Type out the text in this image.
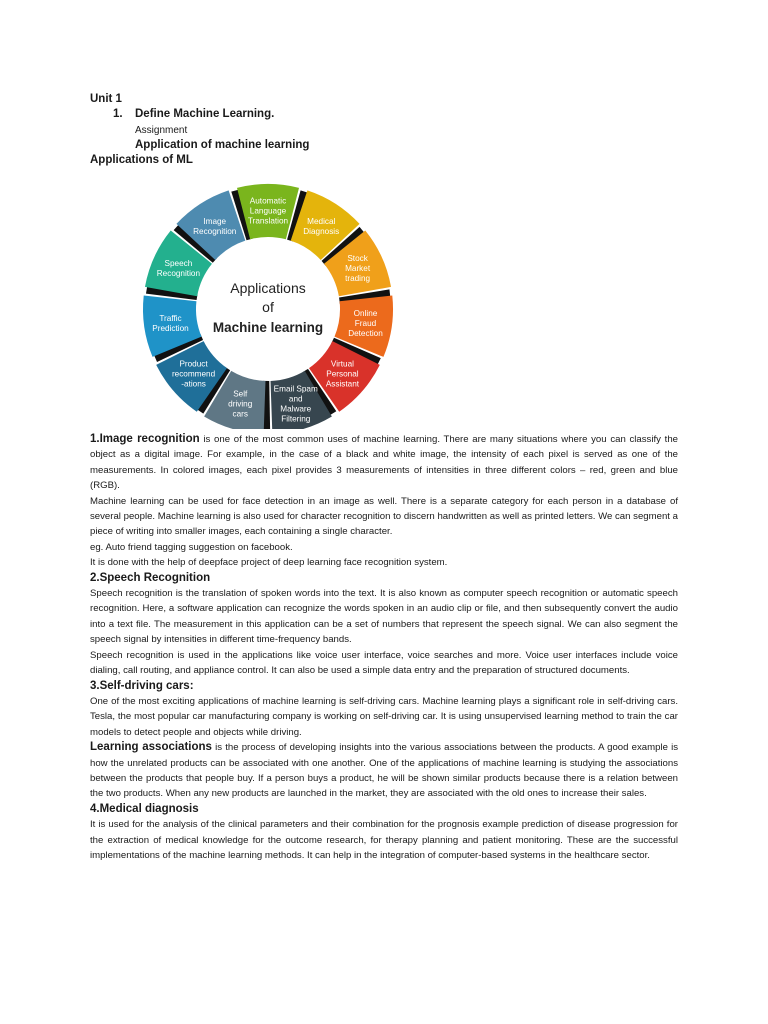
Unit 1
1.	Define Machine Learning.
Assignment
Application of machine learning
Applications of ML
Automatic Language Translation	Medical Diagnosis
Stock Market trading
Online Fraud Detection
Virtual Personal Assistant
Email Spam and Malware Filtering
Self driving cars
Product recommend -ations
Traffic Prediction
Speech Recognition
Image Recognition
Applications
of
Machine learning

1.Image recognition is one of the most common uses of machine learning. There are many situations where you can classify the object as a digital image. For example, in the case of a black and white image, the intensity of each pixel is served as one of the measurements. In colored images, each pixel provides 3 measurements of intensities in three different colors – red, green and blue (RGB).

Machine learning can be used for face detection in an image as well. There is a separate category for each person in a database of several people. Machine learning is also used for character recognition to discern handwritten as well as printed letters. We can segment a piece of writing into smaller images, each containing a single character.

eg. Auto friend tagging suggestion on facebook.

It is done with the help of deepface project of deep learning face recognition system.

2.Speech Recognition

Speech recognition is the translation of spoken words into the text. It is also known as computer speech recognition or automatic speech recognition. Here, a software application can recognize the words spoken in an audio clip or file, and then subsequently convert the audio into a text file. The measurement in this application can be a set of numbers that represent the speech signal. We can also segment the speech signal by intensities in different time-frequency bands.

Speech recognition is used in the applications like voice user interface, voice searches and more. Voice user interfaces include voice dialing, call routing, and appliance control. It can also be used a simple data entry and the preparation of structured documents.

3.Self-driving cars:

One of the most exciting applications of machine learning is self-driving cars. Machine learning plays a significant role in self-driving cars. Tesla, the most popular car manufacturing company is working on self-driving car. It is using unsupervised learning method to train the car models to detect people and objects while driving.

Learning associations is the process of developing insights into the various associations between the products. A good example is how the unrelated products can be associated with one another. One of the applications of machine learning is studying the associations between the products that people buy. If a person buys a product, he will be shown similar products because there is a relation between the two products. When any new products are launched in the market, they are associated with the old ones to increase their sales.

4.Medical diagnosis

It is used for the analysis of the clinical parameters and their combination for the prognosis example prediction of disease progression for the extraction of medical knowledge for the outcome research, for therapy planning and patient monitoring. These are the successful implementations of the machine learning methods. It can help in the integration of computer-based systems in the healthcare sector.
